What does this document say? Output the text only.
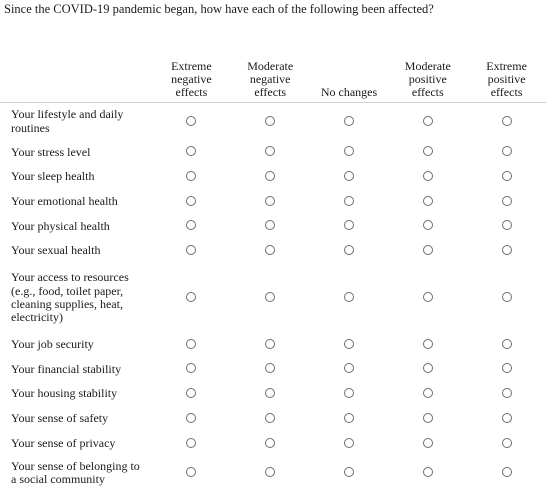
Since the COVID-19 pandemic began, how have each of the following been affected?
	Extreme
negative
effects	Moderate
negative
effects	No changes	Moderate
positive
effects	Extreme
positive
effects
Your lifestyle and daily routines					
Your stress level					
Your sleep health					
Your emotional health					
Your physical health					
Your sexual health					
Your access to resources (e.g., food, toilet paper, cleaning supplies, heat, electricity)					
Your job security					
Your financial stability					
Your housing stability					
Your sense of safety					
Your sense of privacy					
Your sense of belonging to a social community					
